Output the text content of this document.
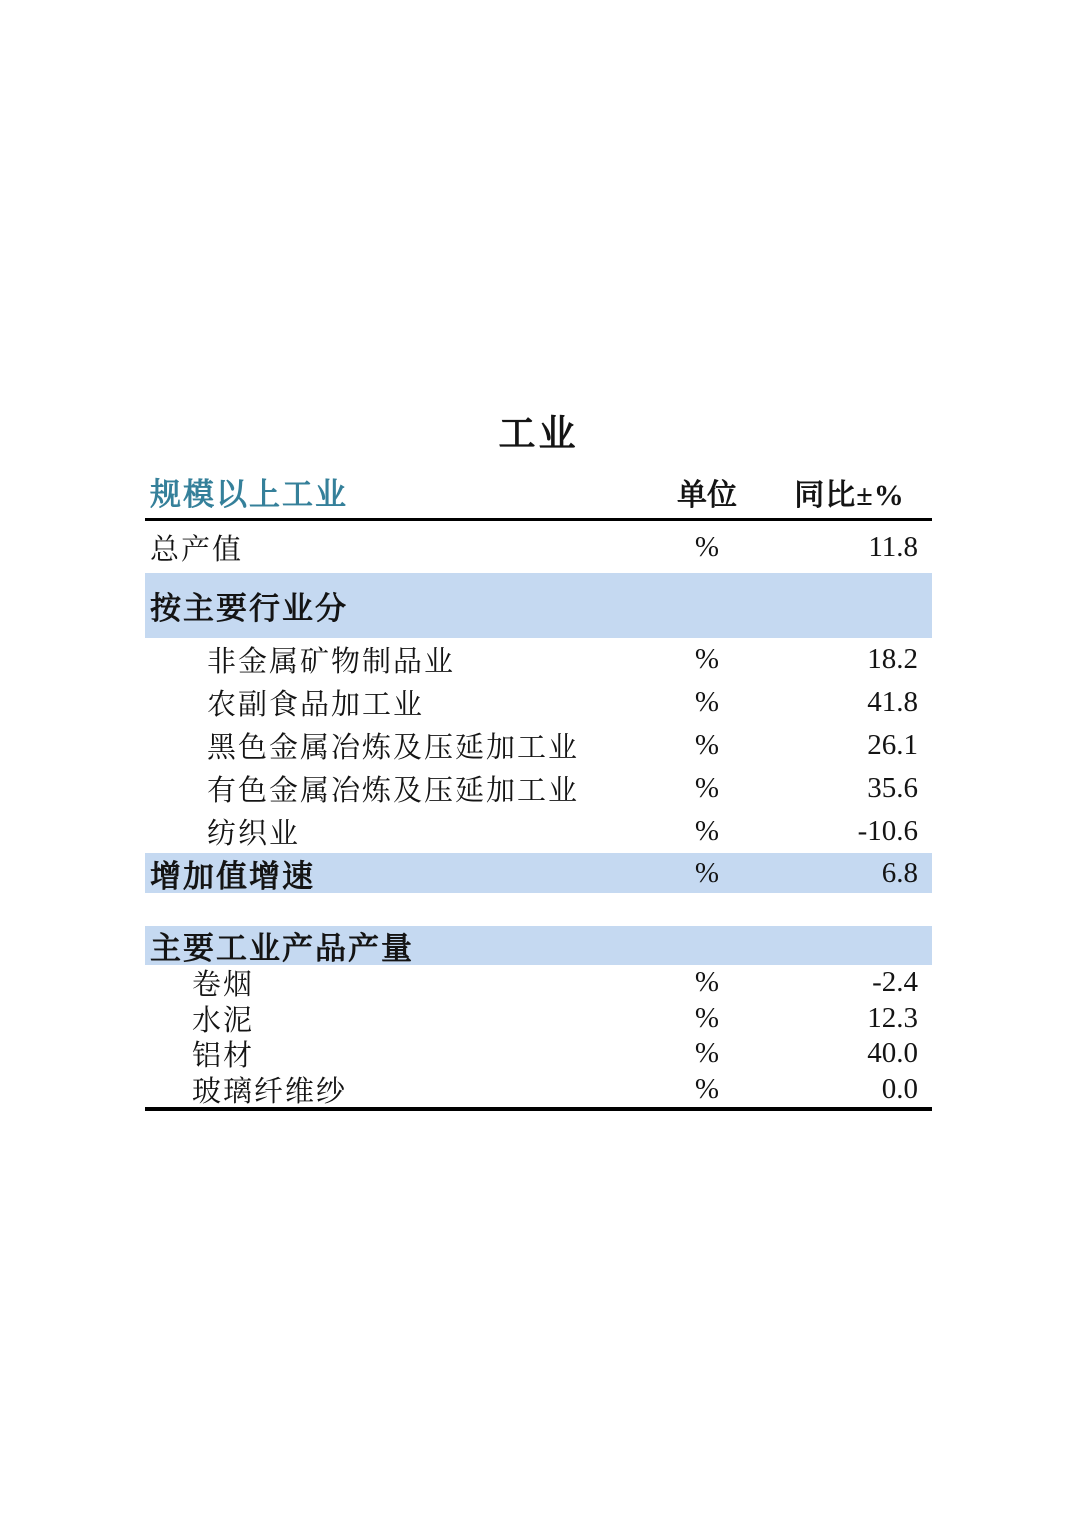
工业
规模以上工业	单位	同比±%
总产值	%	11.8
按主要行业分
非金属矿物制品业	%	18.2
农副食品加工业	%	41.8
黑色金属冶炼及压延加工业	%	26.1
有色金属冶炼及压延加工业	%	35.6
纺织业	%	-10.6
增加值增速	%	6.8
主要工业产品产量
卷烟	%	-2.4
水泥	%	12.3
铝材	%	40.0
玻璃纤维纱	%	0.0
